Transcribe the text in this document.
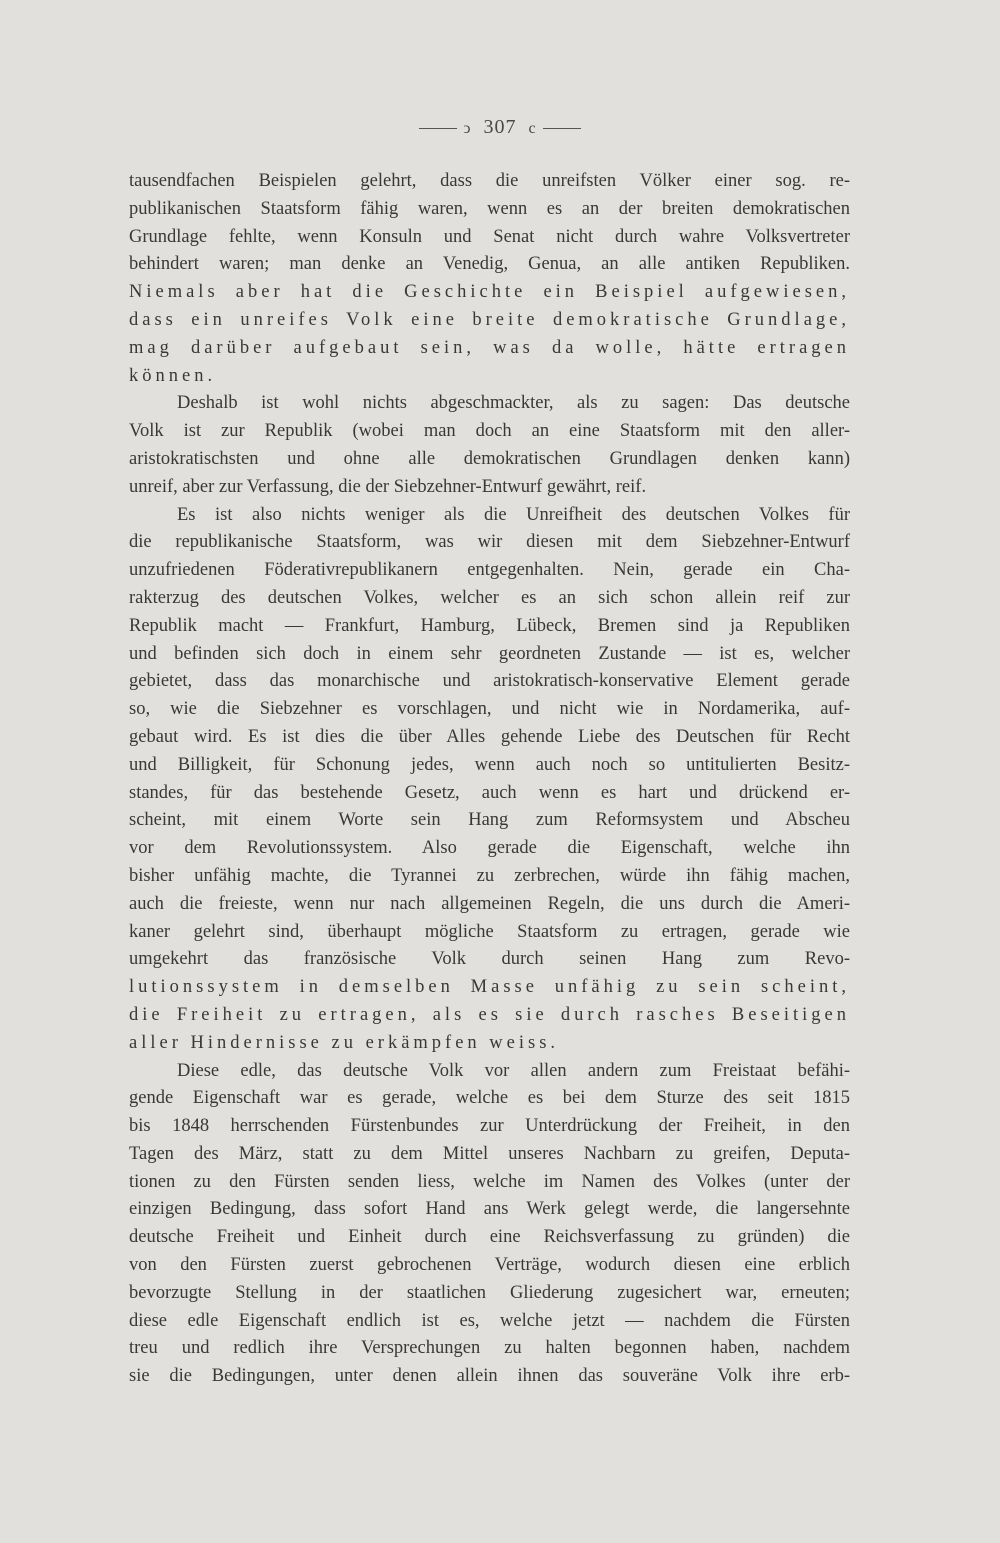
ↄ 307 c
tausendfachen Beispielen gelehrt, dass die unreifsten Völker einer sog. re-
publikanischen Staatsform fähig waren, wenn es an der breiten demokratischen
Grundlage fehlte, wenn Konsuln und Senat nicht durch wahre Volksvertreter
behindert waren; man denke an Venedig, Genua, an alle antiken Republiken.
Niemals aber hat die Geschichte ein Beispiel aufgewiesen,
dass ein unreifes Volk eine breite demokratische Grundlage,
mag darüber aufgebaut sein, was da wolle, hätte ertragen
können.
Deshalb ist wohl nichts abgeschmackter, als zu sagen: Das deutsche
Volk ist zur Republik (wobei man doch an eine Staatsform mit den aller-
aristokratischsten und ohne alle demokratischen Grundlagen denken kann)
unreif, aber zur Verfassung, die der Siebzehner-Entwurf gewährt, reif.
Es ist also nichts weniger als die Unreifheit des deutschen Volkes für
die republikanische Staatsform, was wir diesen mit dem Siebzehner-Entwurf
unzufriedenen Föderativrepublikanern entgegenhalten. Nein, gerade ein Cha-
rakterzug des deutschen Volkes, welcher es an sich schon allein reif zur
Republik macht — Frankfurt, Hamburg, Lübeck, Bremen sind ja Republiken
und befinden sich doch in einem sehr geordneten Zustande — ist es, welcher
gebietet, dass das monarchische und aristokratisch-konservative Element gerade
so, wie die Siebzehner es vorschlagen, und nicht wie in Nordamerika, auf-
gebaut wird. Es ist dies die über Alles gehende Liebe des Deutschen für Recht
und Billigkeit, für Schonung jedes, wenn auch noch so untitulierten Besitz-
standes, für das bestehende Gesetz, auch wenn es hart und drückend er-
scheint, mit einem Worte sein Hang zum Reformsystem und Abscheu
vor dem Revolutionssystem. Also gerade die Eigenschaft, welche ihn
bisher unfähig machte, die Tyrannei zu zerbrechen, würde ihn fähig machen,
auch die freieste, wenn nur nach allgemeinen Regeln, die uns durch die Ameri-
kaner gelehrt sind, überhaupt mögliche Staatsform zu ertragen, gerade wie
umgekehrt das französische Volk durch seinen Hang zum Revo-
lutionssystem in demselben Masse unfähig zu sein scheint,
die Freiheit zu ertragen, als es sie durch rasches Beseitigen
aller Hindernisse zu erkämpfen weiss.
Diese edle, das deutsche Volk vor allen andern zum Freistaat befähi-
gende Eigenschaft war es gerade, welche es bei dem Sturze des seit 1815
bis 1848 herrschenden Fürstenbundes zur Unterdrückung der Freiheit, in den
Tagen des März, statt zu dem Mittel unseres Nachbarn zu greifen, Deputa-
tionen zu den Fürsten senden liess, welche im Namen des Volkes (unter der
einzigen Bedingung, dass sofort Hand ans Werk gelegt werde, die langersehnte
deutsche Freiheit und Einheit durch eine Reichsverfassung zu gründen) die
von den Fürsten zuerst gebrochenen Verträge, wodurch diesen eine erblich
bevorzugte Stellung in der staatlichen Gliederung zugesichert war, erneuten;
diese edle Eigenschaft endlich ist es, welche jetzt — nachdem die Fürsten
treu und redlich ihre Versprechungen zu halten begonnen haben, nachdem
sie die Bedingungen, unter denen allein ihnen das souveräne Volk ihre erb-
